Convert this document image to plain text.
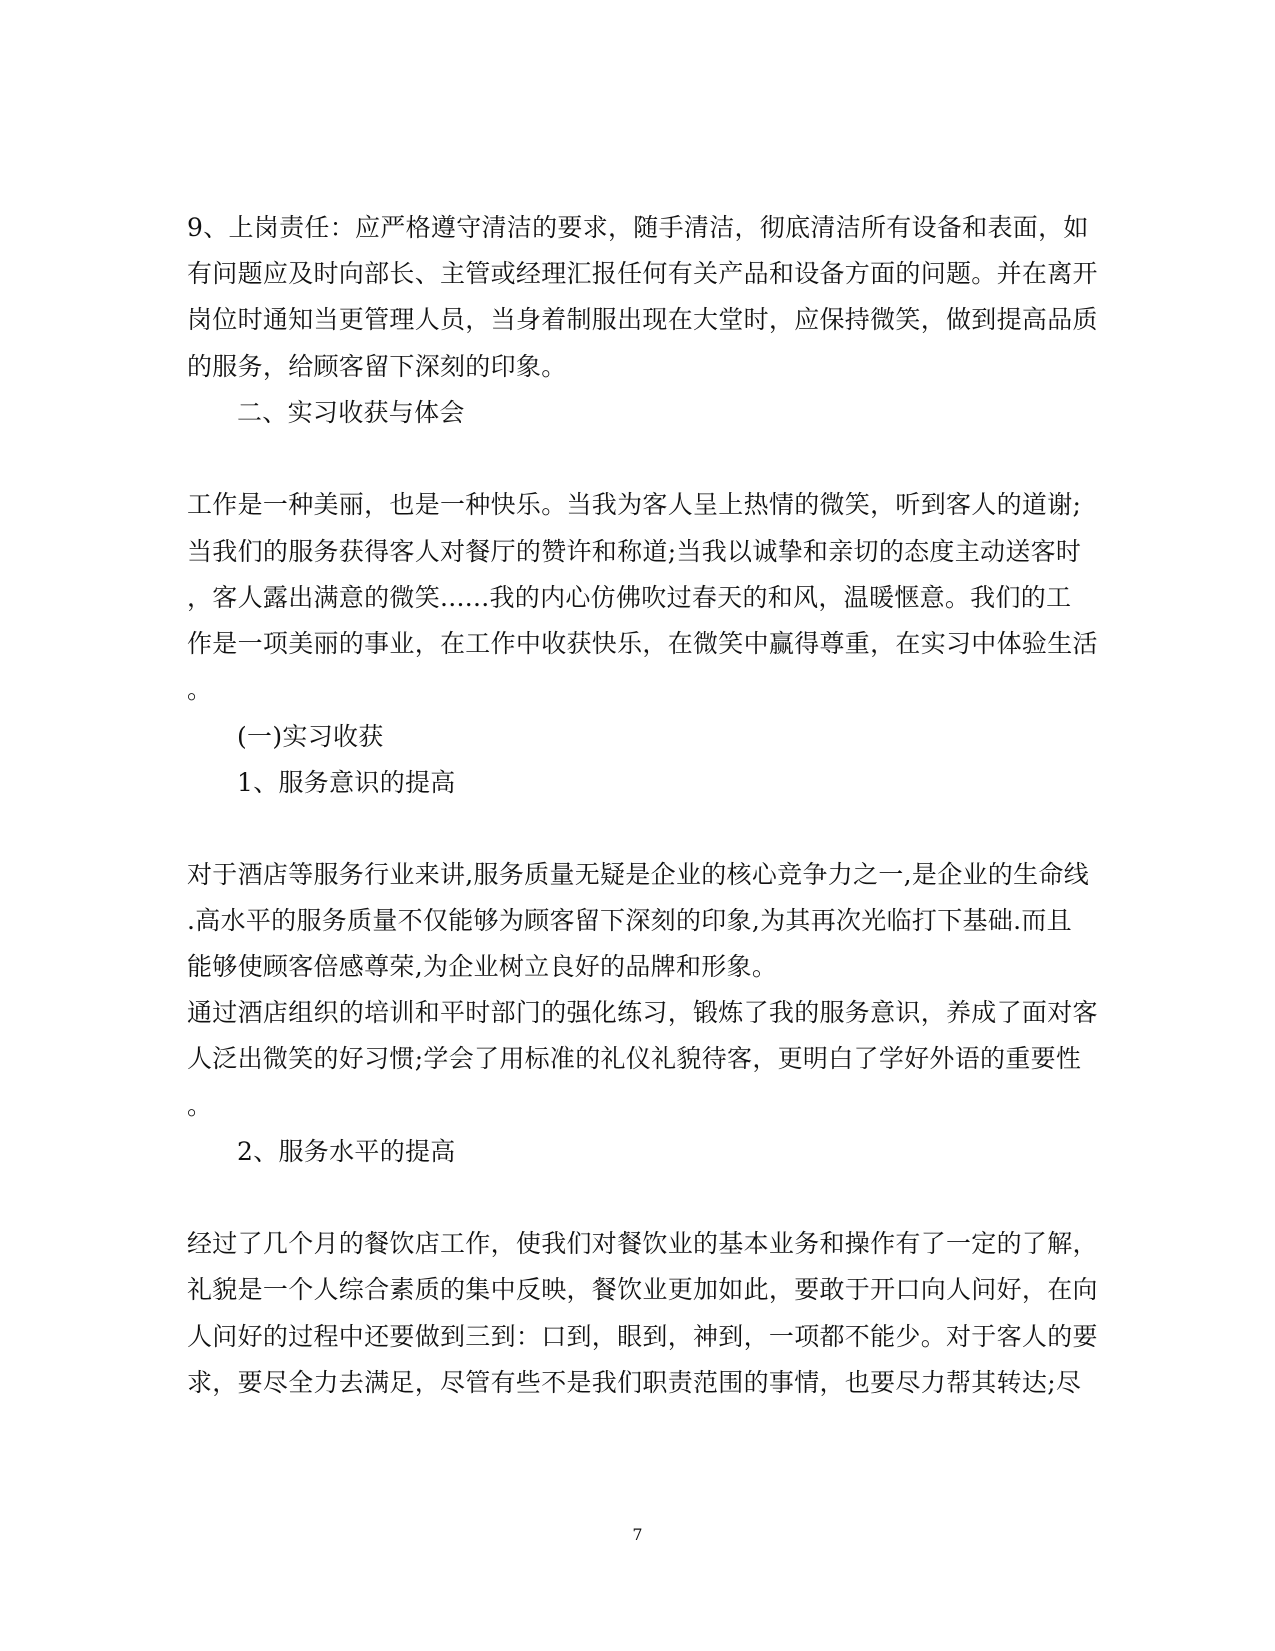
9、上岗责任：应严格遵守清洁的要求，随手清洁，彻底清洁所有设备和表面，如
有问题应及时向部长、主管或经理汇报任何有关产品和设备方面的问题。并在离开
岗位时通知当更管理人员，当身着制服出现在大堂时，应保持微笑，做到提高品质
的服务，给顾客留下深刻的印象。
二、实习收获与体会
工作是一种美丽，也是一种快乐。当我为客人呈上热情的微笑，听到客人的道谢;
当我们的服务获得客人对餐厅的赞许和称道;当我以诚挚和亲切的态度主动送客时
，客人露出满意的微笑......我的内心仿佛吹过春天的和风，温暖惬意。我们的工
作是一项美丽的事业，在工作中收获快乐，在微笑中赢得尊重，在实习中体验生活
。
(一)实习收获
1、服务意识的提高
对于酒店等服务行业来讲,服务质量无疑是企业的核心竞争力之一,是企业的生命线
.高水平的服务质量不仅能够为顾客留下深刻的印象,为其再次光临打下基础.而且
能够使顾客倍感尊荣,为企业树立良好的品牌和形象。
通过酒店组织的培训和平时部门的强化练习，锻炼了我的服务意识，养成了面对客
人泛出微笑的好习惯;学会了用标准的礼仪礼貌待客，更明白了学好外语的重要性
。
2、服务水平的提高
经过了几个月的餐饮店工作，使我们对餐饮业的基本业务和操作有了一定的了解，
礼貌是一个人综合素质的集中反映，餐饮业更加如此，要敢于开口向人问好，在向
人问好的过程中还要做到三到：口到，眼到，神到，一项都不能少。对于客人的要
求，要尽全力去满足，尽管有些不是我们职责范围的事情，也要尽力帮其转达;尽
7
